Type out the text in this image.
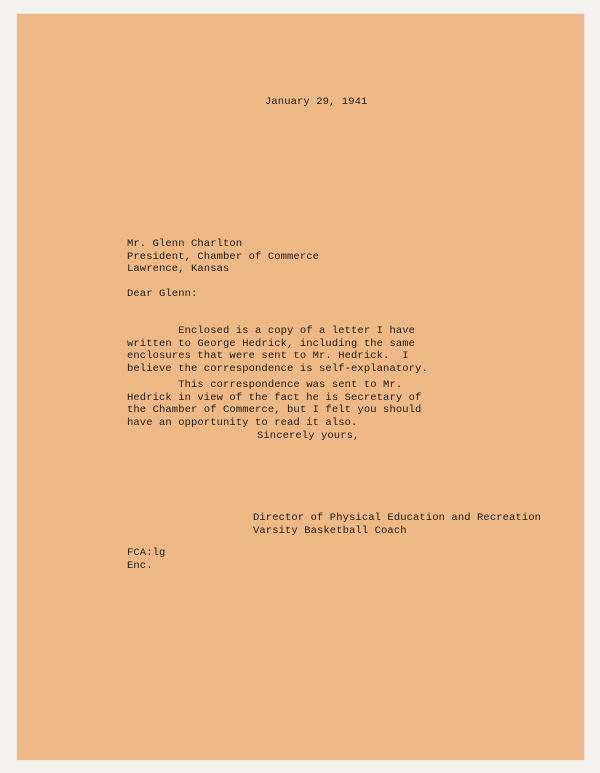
January 29, 1941
Mr. Glenn Charlton
President, Chamber of Commerce
Lawrence, Kansas
Dear Glenn:
Enclosed is a copy of a letter I have
written to George Hedrick, including the same
enclosures that were sent to Mr. Hedrick.  I
believe the correspondence is self-explanatory.
This correspondence was sent to Mr.
Hedrick in view of the fact he is Secretary of
the Chamber of Commerce, but I felt you should
have an opportunity to read it also.
Sincerely yours,
Director of Physical Education and Recreation
Varsity Basketball Coach
FCA:lg
Enc.
